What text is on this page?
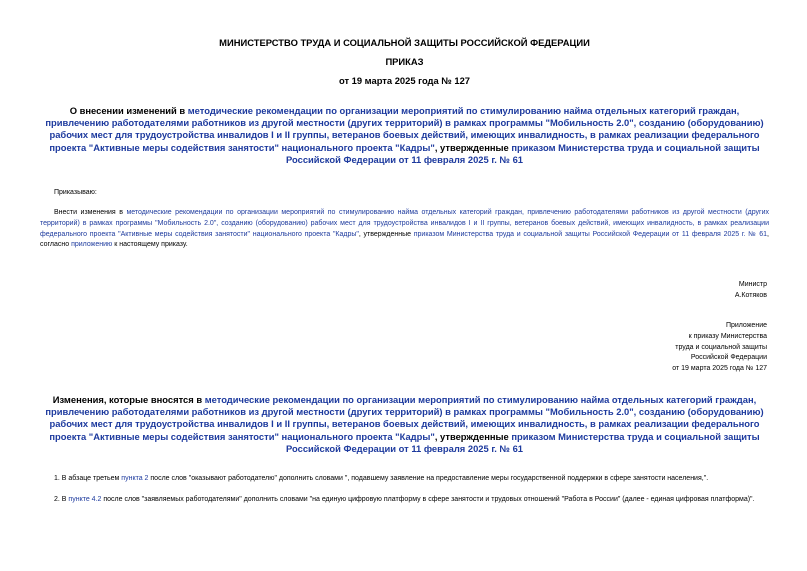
МИНИСТЕРСТВО ТРУДА И СОЦИАЛЬНОЙ ЗАЩИТЫ РОССИЙСКОЙ ФЕДЕРАЦИИ

ПРИКАЗ

от 19 марта 2025 года № 127

О внесении изменений в методические рекомендации по организации мероприятий по стимулированию найма отдельных категорий граждан, привлечению работодателями работников из другой местности (других территорий) в рамках программы "Мобильность 2.0", созданию (оборудованию) рабочих мест для трудоустройства инвалидов I и II группы, ветеранов боевых действий, имеющих инвалидность, в рамках реализации федерального проекта "Активные меры содействия занятости" национального проекта "Кадры", утвержденные приказом Министерства труда и социальной защиты Российской Федерации от 11 февраля 2025 г. № 61
Приказываю:
Внести изменения в методические рекомендации по организации мероприятий по стимулированию найма отдельных категорий граждан, привлечению работодателями работников из другой местности (других территорий) в рамках программы "Мобильность 2.0", созданию (оборудованию) рабочих мест для трудоустройства инвалидов I и II группы, ветеранов боевых действий, имеющих инвалидность, в рамках реализации федерального проекта "Активные меры содействия занятости" национального проекта "Кадры", утвержденные приказом Министерства труда и социальной защиты Российской Федерации от 11 февраля 2025 г. № 61, согласно приложению к настоящему приказу.
Министр
А.Котяков
Приложение
к приказу Министерства
труда и социальной защиты
Российской Федерации
от 19 марта 2025 года № 127
Изменения, которые вносятся в методические рекомендации по организации мероприятий по стимулированию найма отдельных категорий граждан, привлечению работодателями работников из другой местности (других территорий) в рамках программы "Мобильность 2.0", созданию (оборудованию) рабочих мест для трудоустройства инвалидов I и II группы, ветеранов боевых действий, имеющих инвалидность, в рамках реализации федерального проекта "Активные меры содействия занятости" национального проекта "Кадры", утвержденные приказом Министерства труда и социальной защиты Российской Федерации от 11 февраля 2025 г. № 61
1. В абзаце третьем пункта 2 после слов "оказывают работодателю" дополнить словами ", подавшему заявление на предоставление меры государственной поддержки в сфере занятости населения,".
2. В пункте 4.2 после слов "заявляемых работодателями" дополнить словами "на единую цифровую платформу в сфере занятости и трудовых отношений "Работа в России" (далее - единая цифровая платформа)".
